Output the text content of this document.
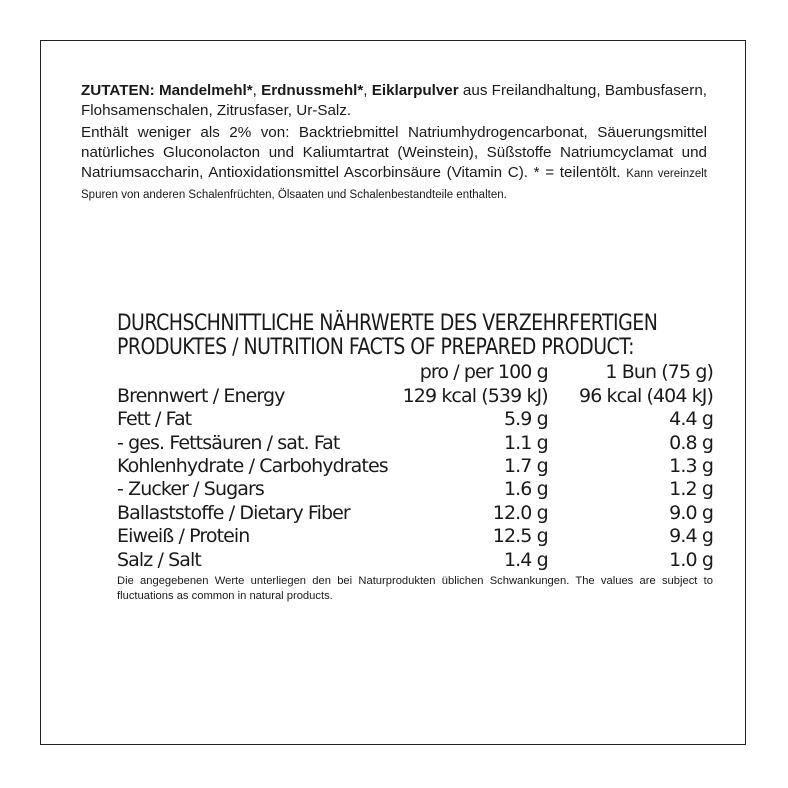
ZUTATEN: Mandelmehl*, Erdnussmehl*, Eiklarpulver aus Freilandhaltung, Bambusfasern, Flohsamenschalen, Zitrusfaser, Ur-Salz.

Enthält weniger als 2% von: Backtriebmittel Natriumhydrogencarbonat, Säuerungsmittel natürliches Gluconolacton und Kaliumtartrat (Weinstein), Süßstoffe Natriumcyclamat und Natriumsaccharin, Antioxidationsmittel Ascorbinsäure (Vitamin C). * = teilentölt. Kann vereinzelt Spuren von anderen Schalenfrüchten, Ölsaaten und Schalenbestandteile enthalten.

DURCHSCHNITTLICHE NÄHRWERTE DES VERZEHRFERTIGEN

PRODUKTES / NUTRITION FACTS OF PREPARED PRODUCT:

	pro / per 100 g	1 Bun (75 g)
Brennwert / Energy	129 kcal (539 kJ)	96 kcal (404 kJ)
Fett / Fat	5.9 g	4.4 g
- ges. Fettsäuren / sat. Fat	1.1 g	0.8 g
Kohlenhydrate / Carbohydrates	1.7 g	1.3 g
- Zucker / Sugars	1.6 g	1.2 g
Ballaststoffe / Dietary Fiber	12.0 g	9.0 g
Eiweiß / Protein	12.5 g	9.4 g
Salz / Salt	1.4 g	1.0 g
Die angegebenen Werte unterliegen den bei Naturprodukten üblichen Schwankungen. The values are subject to fluctuations as common in natural products.
